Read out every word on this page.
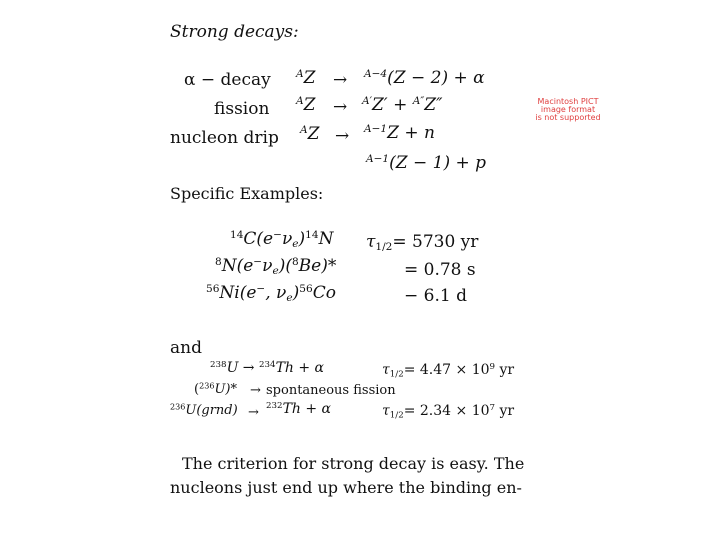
Strong decays:
α − decay $^A$Z → $^{A-4}$(Z − 2) + α
fission	$^A$Z → $^{A'}$Z′ + $^{A''}$Z″
nucleon drip $^A$Z → $^{A-1}$Z + n
$^{A-1}$(Z − 1) + p
Macintosh PICT
image format
is not supported
Specific Examples:
$^{14}C(e^-\nu_e)^{14}N$ $\tau_{1/2}= 5730$ yr
$^8N(e^-\nu_e)(^8Be)*$	= 0.78 s
$^{56}$Ni(e−, $\nu_e)^{56}Co$	− 6.1 d
and
$^{238}$U → $^{234}$Th + α	$\tau_{1/2}= 4.47 \times 10^9$ yr
($^{236}$U)* → spontaneous fission
$^{236}$U(grnd) → $^{232}$Th + α	$\tau_{1/2}= 2.34 \times 10^7$ yr
The criterion for strong decay is easy. The
nucleons just end up where the binding en-
